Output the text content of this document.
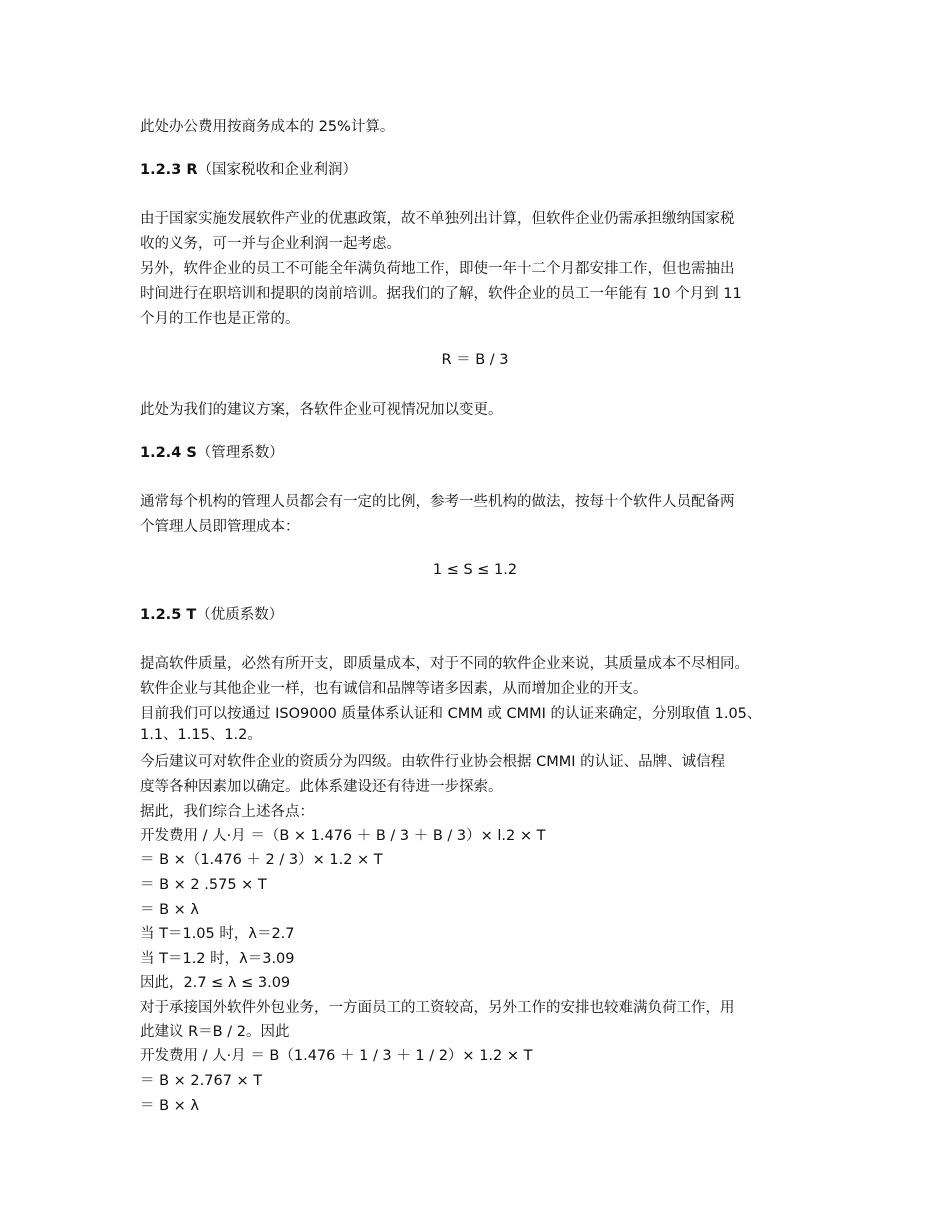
此处办公费用按商务成本的 25%计算。
1.2.3 R（国家税收和企业利润）
由于国家实施发展软件产业的优惠政策，故不单独列出计算，但软件企业仍需承担缴纳国家税
收的义务，可一并与企业利润一起考虑。
另外，软件企业的员工不可能全年满负荷地工作，即使一年十二个月都安排工作，但也需抽出
时间进行在职培训和提职的岗前培训。据我们的了解，软件企业的员工一年能有 10 个月到 11
个月的工作也是正常的。
R ＝ B / 3
此处为我们的建议方案，各软件企业可视情况加以变更。
1.2.4 S（管理系数）
通常每个机构的管理人员都会有一定的比例，参考一些机构的做法，按每十个软件人员配备两
个管理人员即管理成本：
1 ≤ S ≤ 1.2
1.2.5 T（优质系数）
提高软件质量，必然有所开支，即质量成本，对于不同的软件企业来说，其质量成本不尽相同。
软件企业与其他企业一样，也有诚信和品牌等诸多因素，从而增加企业的开支。
目前我们可以按通过 ISO9000 质量体系认证和 CMM 或 CMMI 的认证来确定，分别取值 1.05、
1.1、1.15、1.2。
今后建议可对软件企业的资质分为四级。由软件行业协会根据 CMMI 的认证、品牌、诚信程
度等各种因素加以确定。此体系建设还有待进一步探索。
据此，我们综合上述各点：
开发费用 / 人·月 ＝（B × 1.476 ＋ B / 3 ＋ B / 3）× l.2 × T
＝ B ×（1.476 ＋ 2 / 3）× 1.2 × T
＝ B × 2 .575 × T
＝ B × λ
当 T＝1.05 时，λ＝2.7
当 T＝1.2 时，λ＝3.09
因此，2.7 ≤ λ ≤ 3.09
对于承接国外软件外包业务，一方面员工的工资较高，另外工作的安排也较难满负荷工作，用
此建议 R＝B / 2。因此
开发费用 / 人·月 ＝ B（1.476 ＋ 1 / 3 ＋ 1 / 2）× 1.2 × T
＝ B × 2.767 × T
＝ B × λ
